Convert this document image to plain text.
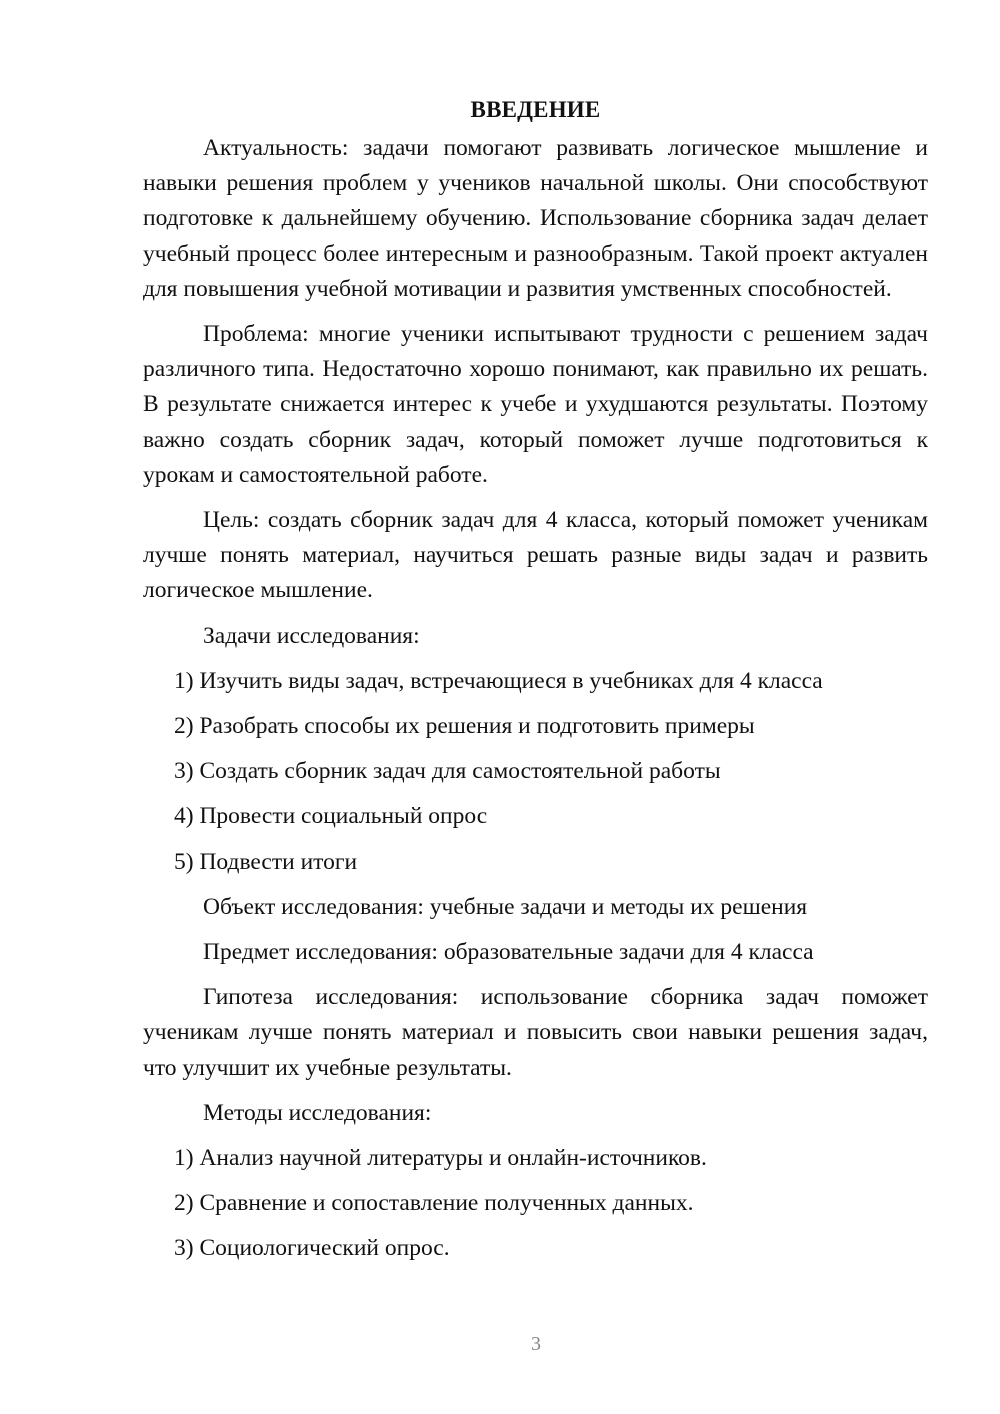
ВВЕДЕНИЕ

Актуальность: задачи помогают развивать логическое мышление и навыки решения проблем у учеников начальной школы. Они способствуют подготовке к дальнейшему обучению. Использование сборника задач делает учебный процесс более интересным и разнообразным. Такой проект актуален для повышения учебной мотивации и развития умственных способностей.

Проблема: многие ученики испытывают трудности с решением задач различного типа. Недостаточно хорошо понимают, как правильно их решать. В результате снижается интерес к учебе и ухудшаются результаты. Поэтому важно создать сборник задач, который поможет лучше подготовиться к урокам и самостоятельной работе.

Цель: создать сборник задач для 4 класса, который поможет ученикам лучше понять материал, научиться решать разные виды задач и развить логическое мышление.

Задачи исследования:
1) Изучить виды задач, встречающиеся в учебниках для 4 класса
2) Разобрать способы их решения и подготовить примеры
3) Создать сборник задач для самостоятельной работы
4) Провести социальный опрос
5) Подвести итоги
Объект исследования: учебные задачи и методы их решения
Предмет исследования: образовательные задачи для 4 класса

Гипотеза исследования: использование сборника задач поможет ученикам лучше понять материал и повысить свои навыки решения задач, что улучшит их учебные результаты.

Методы исследования:
1) Анализ научной литературы и онлайн-источников.
2) Сравнение и сопоставление полученных данных.
3) Социологический опрос.
3
